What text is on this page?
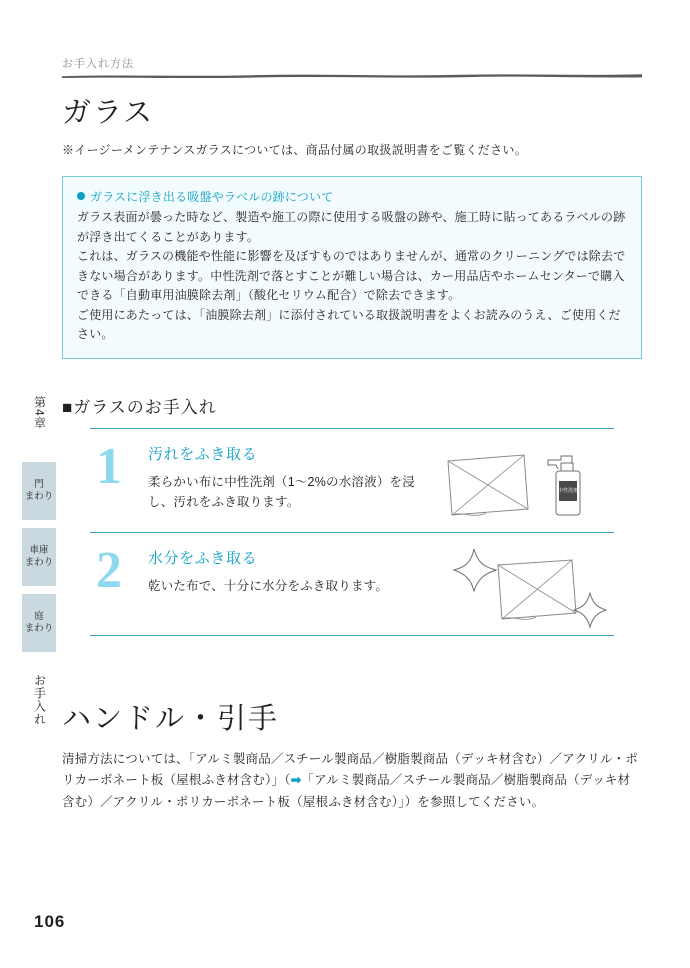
お手入れ方法
第4章
門
まわり
車庫
まわり
庭
まわり
お手入れ
ガラス

※イージーメンテナンスガラスについては、商品付属の取扱説明書をご覧ください。

ガラスに浮き出る吸盤やラベルの跡について

ガラス表面が曇った時など、製造や施工の際に使用する吸盤の跡や、施工時に貼ってあるラベルの跡が浮き出てくることがあります。

これは、ガラスの機能や性能に影響を及ぼすものではありませんが、通常のクリーニングでは除去できない場合があります。中性洗剤で落とすことが難しい場合は、カー用品店やホームセンターで購入できる「自動車用油膜除去剤」（酸化セリウム配合）で除去できます。

ご使用にあたっては、「油膜除去剤」に添付されている取扱説明書をよくお読みのうえ、ご使用ください。

■ガラスのお手入れ
1 汚れをふき取る
柔らかい布に中性洗剤（1〜2%の水溶液）を浸し、汚れをふき取ります。
中性洗剤
2 水分をふき取る
乾いた布で、十分に水分をふき取ります。
ハンドル・引手

清掃方法については、「アルミ製商品／スチール製商品／樹脂製商品（デッキ材含む）／アクリル・ポリカーボネート板（屋根ふき材含む）」（➡「アルミ製商品／スチール製商品／樹脂製商品（デッキ材含む）／アクリル・ポリカーボネート板（屋根ふき材含む）」）を参照してください。

106
